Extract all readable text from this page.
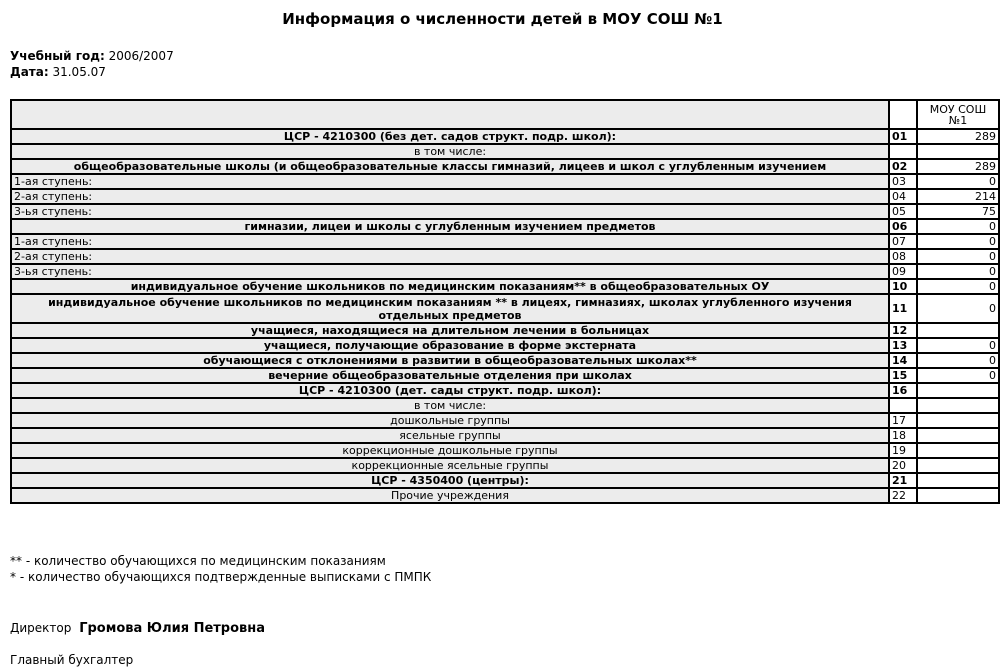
Информация о численности детей в МОУ СОШ №1
Учебный год: 2006/2007
Дата: 31.05.07
		МОУ СОШ №1
ЦСР - 4210300 (без дет. садов структ. подр. школ):	01	289
в том числе:		
общеобразовательные школы (и общеобразовательные классы гимназий, лицеев и школ с углубленным изучением	02	289
1-ая ступень:	03	0
2-ая ступень:	04	214
3-ья ступень:	05	75
гимназии, лицеи и школы с углубленным изучением предметов	06	0
1-ая ступень:	07	0
2-ая ступень:	08	0
3-ья ступень:	09	0
индивидуальное обучение школьников по медицинским показаниям** в общеобразовательных ОУ	10	0
индивидуальное обучение школьников по медицинским показаниям ** в лицеях, гимназиях, школах углубленного изучения отдельных предметов	11	0
учащиеся, находящиеся на длительном лечении в больницах	12	
учащиеся, получающие образование в форме экстерната	13	0
обучающиеся с отклонениями в развитии в общеобразовательных школах**	14	0
вечерние общеобразовательные отделения при школах	15	0
ЦСР - 4210300 (дет. сады структ. подр. школ):	16	
в том числе:		
дошкольные группы	17	
ясельные группы	18	
коррекционные дошкольные группы	19	
коррекционные ясельные группы	20	
ЦСР - 4350400 (центры):	21	
Прочие учреждения	22	
** - количество обучающихся по медицинским показаниям
* - количество обучающихся подтвержденные выписками с ПМПК
Директор Громова Юлия Петровна
Главный бухгалтер
